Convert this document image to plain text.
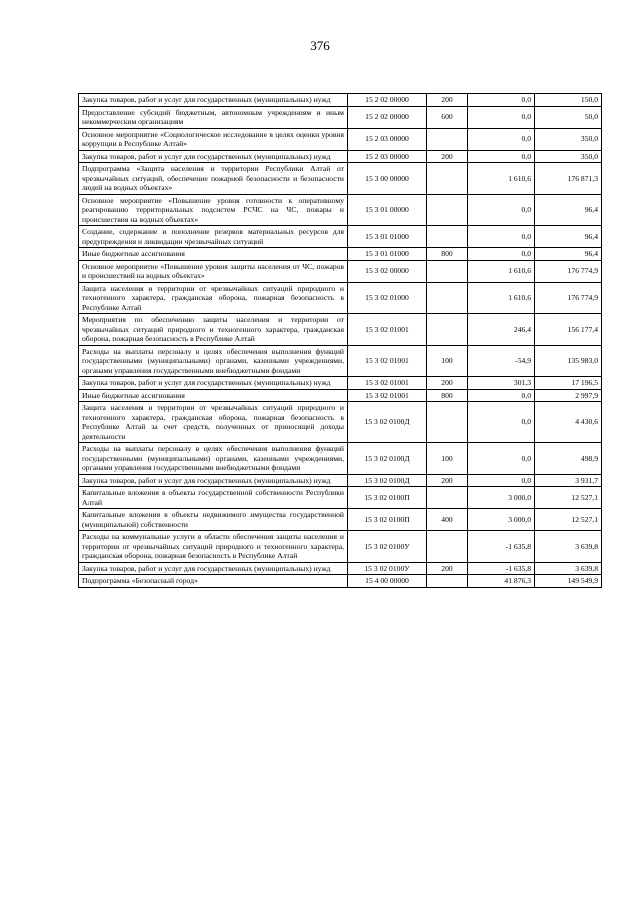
376
Закупка товаров, работ и услуг для государственных (муниципальных) нужд	15 2 02 00000	200	0,0	150,0
Предоставление субсидий бюджетным, автономным учреждениям и иным некоммерческим организациям	15 2 02 00000	600	0,0	50,0
Основное мероприятие «Социологическое исследование в целях оценки уровня коррупции в Республике Алтай»	15 2 03 00000		0,0	350,0
Закупка товаров, работ и услуг для государственных (муниципальных) нужд	15 2 03 00000	200	0,0	350,0
Подпрограмма «Защита населения и территории Республики Алтай от чрезвычайных ситуаций, обеспечение пожарной безопасности и безопасности людей на водных объектах»	15 3 00 00000		1 610,6	176 871,3
Основное мероприятие «Повышение уровня готовности к оперативному реагированию территориальных подсистем РСЧС на ЧС, пожары и происшествия на водных объектах»	15 3 01 00000		0,0	96,4
Создание, содержание и пополнение резервов материальных ресурсов для предупреждения и ликвидации чрезвычайных ситуаций	15 3 01 01000		0,0	96,4
Иные бюджетные ассигнования	15 3 01 01000	800	0,0	96,4
Основное мероприятие «Повышение уровня защиты населения от ЧС, пожаров и происшествий на водных объектах»	15 3 02 00000		1 610,6	176 774,9
Защита населения и территории от чрезвычайных ситуаций природного и техногенного характера, гражданская оборона, пожарная безопасность в Республике Алтай	15 3 02 01000		1 610,6	176 774,9
Мероприятия по обеспечению защиты населения и территории от чрезвычайных ситуаций природного и техногенного характера, гражданская оборона, пожарная безопасность в Республике Алтай	15 3 02 01001		246,4	156 177,4
Расходы на выплаты персоналу в целях обеспечения выполнения функций государственными (муниципальными) органами, казенными учреждениями, органами управления государственными внебюджетными фондами	15 3 02 01001	100	-54,9	135 983,0
Закупка товаров, работ и услуг для государственных (муниципальных) нужд	15 3 02 01001	200	301,3	17 196,5
Иные бюджетные ассигнования	15 3 02 01001	800	0,0	2 997,9
Защита населения и территории от чрезвычайных ситуаций природного и техногенного характера, гражданская оборона, пожарная безопасность в Республике Алтай за счет средств, полученных от приносящей доходы деятельности	15 3 02 0100Д		0,0	4 430,6
Расходы на выплаты персоналу в целях обеспечения выполнения функций государственными (муниципальными) органами, казенными учреждениями, органами управления государственными внебюджетными фондами	15 3 02 0100Д	100	0,0	498,9
Закупка товаров, работ и услуг для государственных (муниципальных) нужд	15 3 02 0100Д	200	0,0	3 931,7
Капитальные вложения в объекты государственной собственности Республики Алтай	15 3 02 0100П		3 000,0	12 527,1
Капитальные вложения в объекты недвижимого имущества государственной (муниципальной) собственности	15 3 02 0100П	400	3 000,0	12 527,1
Расходы на коммунальные услуги в области обеспечения защиты населения и территории от чрезвычайных ситуаций природного и техногенного характера, гражданская оборона, пожарная безопасность в Республике Алтай	15 3 02 0100У		-1 635,8	3 639,8
Закупка товаров, работ и услуг для государственных (муниципальных) нужд	15 3 02 0100У	200	-1 635,8	3 639,8
Подпрограмма «Безопасный город»	15 4 00 00000		41 876,3	149 549,9
